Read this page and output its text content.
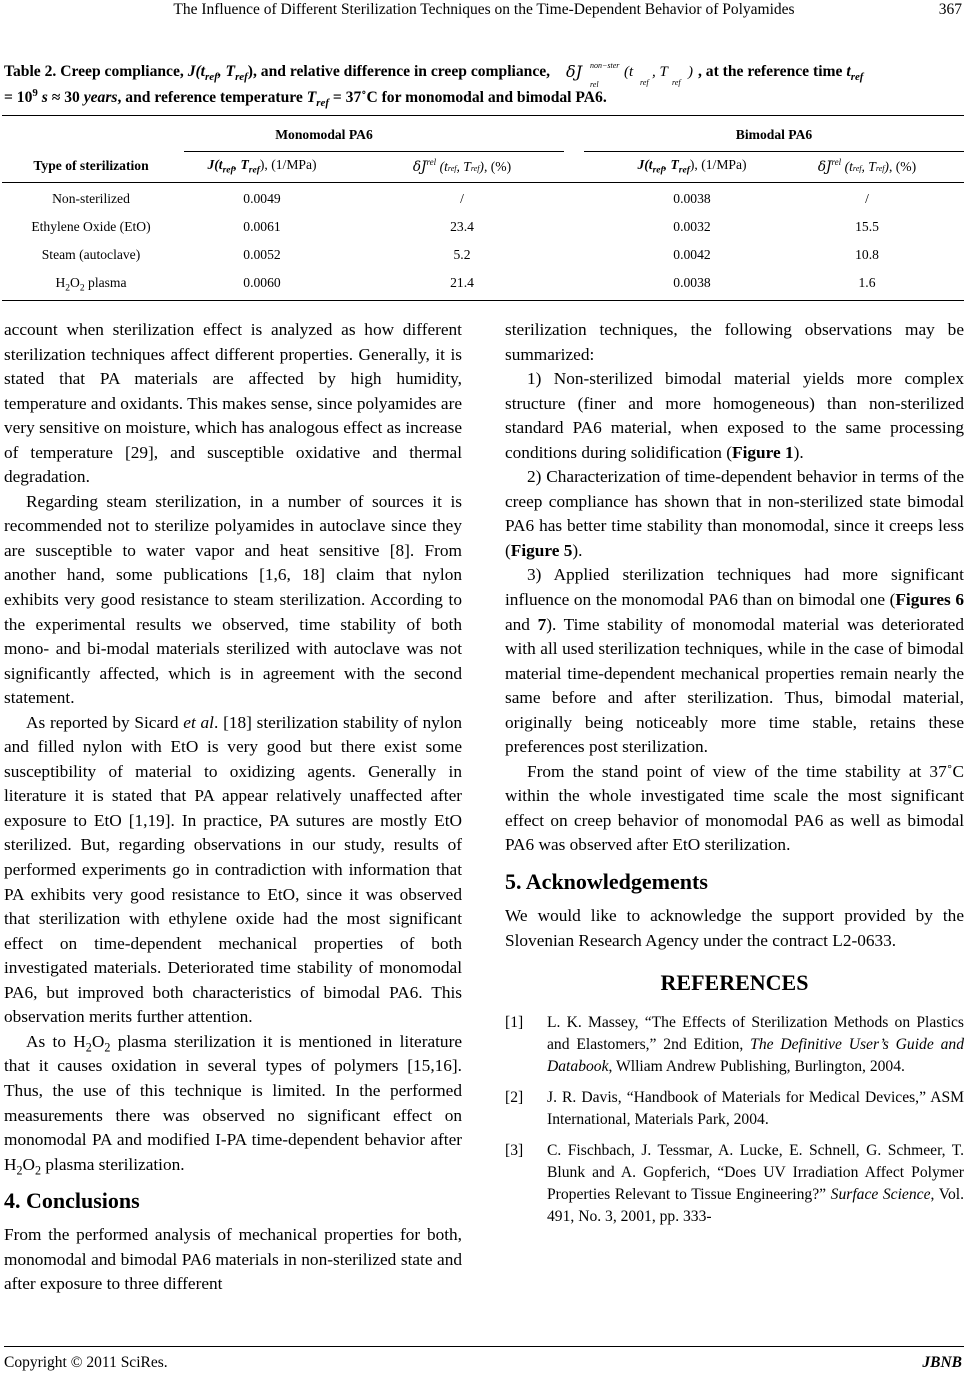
The Influence of Different Sterilization Techniques on the Time-Dependent Behavior of Polyamides	367
Table 2. Creep compliance, $J(t_{ref}$, $T_{ref}$), and relative difference in creep compliance, δJ non−ster
rel
(t
ref
, T
ref
) , at the reference time $t_{ref}$
= $10^9$ s ≈ 30 years, and reference temperature $T_{ref}$ = 37˚C for monomodal and bimodal PA6.
Monomodal PA6	Bimodal PA6
Type of sterilization	$J(t_{ref}$, $T_{ref}$), (1/MPa)	$\delta J^{rel}$ (tref, Tref), (%)	$J(t_{ref}$, $T_{ref}$), (1/MPa)	$\delta J^{rel}$ (tref, Tref), (%)
Non-sterilized	0.0049	/	0.0038	/
Ethylene Oxide (EtO)	0.0061	23.4	0.0032	15.5
Steam (autoclave)	0.0052	5.2	0.0042	10.8
$H_2O_2$ plasma	0.0060	21.4	0.0038	1.6

account when sterilization effect is analyzed as how different sterilization techniques affect different properties. Generally, it is stated that PA materials are affected by high humidity, temperature and oxidants. This makes sense, since polyamides are very sensitive on moisture, which has analogous effect as increase of temperature [29], and susceptible oxidative and thermal degradation.

Regarding steam sterilization, in a number of sources it is recommended not to sterilize polyamides in autoclave since they are susceptible to water vapor and heat sensitive [8]. From another hand, some publications [1,6, 18] claim that nylon exhibits very good resistance to steam sterilization. According to the experimental results we observed, time stability of both mono- and bi-modal materials sterilized with autoclave was not significantly affected, which is in agreement with the second statement.

As reported by Sicard et al. [18] sterilization stability of nylon and filled nylon with EtO is very good but there exist some susceptibility of material to oxidizing agents. Generally in literature it is stated that PA appear relatively unaffected after exposure to EtO [1,19]. In practice, PA sutures are mostly EtO sterilized. But, regarding observations in our study, results of performed experiments go in contradiction with information that PA exhibits very good resistance to EtO, since it was observed that sterilization with ethylene oxide had the most significant effect on time-dependent mechanical properties of both investigated materials. Deteriorated time stability of monomodal PA6, but improved both characteristics of bimodal PA6. This observation merits further attention.

As to $H_2O_2$ plasma sterilization it is mentioned in literature that it causes oxidation in several types of polymers [15,16]. Thus, the use of this technique is limited. In the performed measurements there was observed no significant effect on monomodal PA and modified I-PA time-dependent behavior after $H_2O_2$ plasma sterilization.

4. Conclusions

From the performed analysis of mechanical properties for both, monomodal and bimodal PA6 materials in non-sterilized state and after exposure to three different

sterilization techniques, the following observations may be summarized:

1) Non-sterilized bimodal material yields more complex structure (finer and more homogeneous) than non-sterilized standard PA6 material, when exposed to the same processing conditions during solidification (Figure 1).

2) Characterization of time-dependent behavior in terms of the creep compliance has shown that in non-sterilized state bimodal PA6 has better time stability than monomodal, since it creeps less (Figure 5).

3) Applied sterilization techniques had more significant influence on the monomodal PA6 than on bimodal one (Figures 6 and 7). Time stability of monomodal material was deteriorated with all used sterilization techniques, while in the case of bimodal material time-dependent mechanical properties remain nearly the same before and after sterilization. Thus, bimodal material, originally being noticeably more time stable, retains these preferences post sterilization.

From the stand point of view of the time stability at 37˚C within the whole investigated time scale the most significant effect on creep behavior of monomodal PA6 as well as bimodal PA6 was observed after EtO sterilization.

5. Acknowledgements

We would like to acknowledge the support provided by the Slovenian Research Agency under the contract L2-0633.

REFERENCES
[1] L. K. Massey, “The Effects of Sterilization Methods on Plastics and Elastomers,” 2nd Edition, The Definitive User’s Guide and Databook, Wlliam Andrew Publishing, Burlington, 2004.
[2] J. R. Davis, “Handbook of Materials for Medical Devices,” ASM International, Materials Park, 2004.
[3] C. Fischbach, J. Tessmar, A. Lucke, E. Schnell, G. Schmeer, T. Blunk and A. Gopferich, “Does UV Irradiation Affect Polymer Properties Relevant to Tissue Engineering?” Surface Science, Vol. 491, No. 3, 2001, pp. 333-
Copyright © 2011 SciRes.	JBNB
